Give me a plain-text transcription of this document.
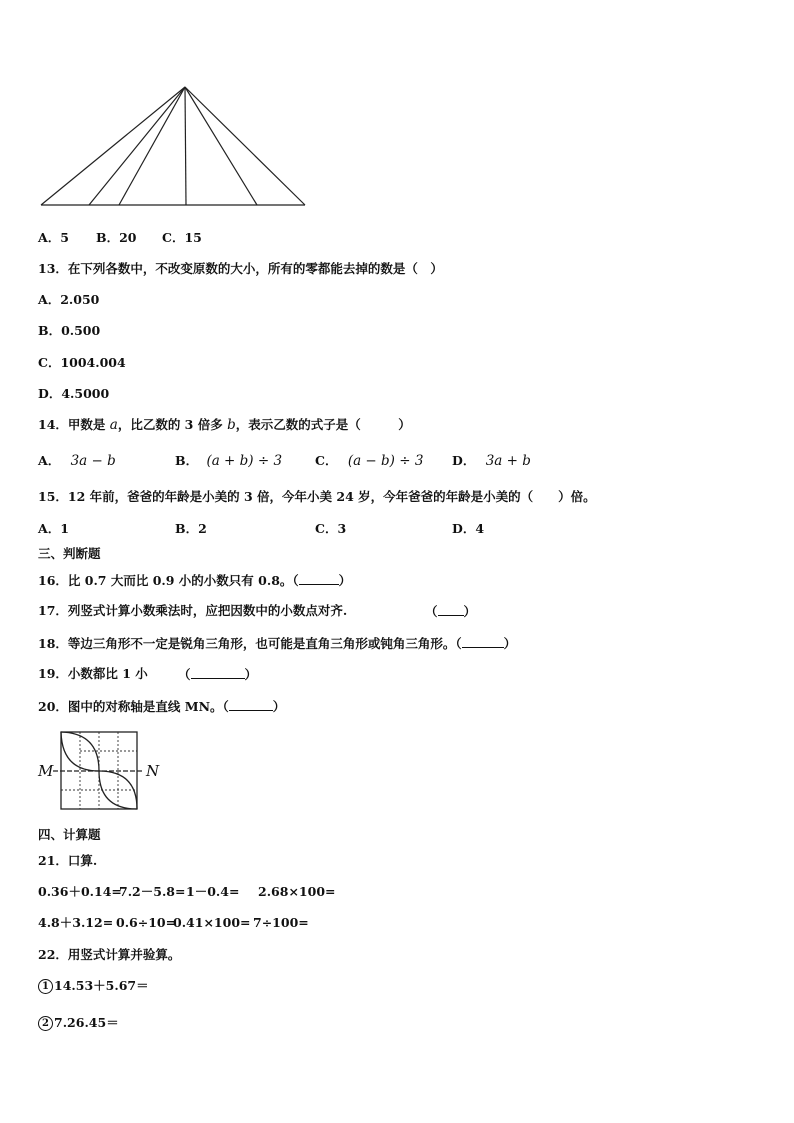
A．5 B．20 C．15
13．在下列各数中，不改变原数的大小，所有的零都能去掉的数是（　）
A．2.050
B．0.500
C．1004.004
D．4.5000
14．甲数是 a，比乙数的 3 倍多 b，表示乙数的式子是（　　　）
A． 3a − b	B． (a + b) ÷ 3	C． (a − b) ÷ 3 D． 3a + b
15．12 年前，爸爸的年龄是小美的 3 倍，今年小美 24 岁，今年爸爸的年龄是小美的（　　）倍。
A．1	B．2	C．3	D．4
三、判断题
16．比 0.7 大而比 0.9 小的小数只有 0.8。（	）
17．列竖式计算小数乘法时，应把因数中的小数点对齐.	（ ）
18．等边三角形不一定是锐角三角形，也可能是直角三角形或钝角三角形。（	）
19．小数都比 1 小 （	）
20．图中的对称轴是直线 MN。（	）
M	N
四、计算题
21．口算.
0.36＋0.14=
7.2－5.8= 1－0.4= 2.68×100=
4.8＋3.12= 0.6÷10=
0.41×100= 7÷100=
22．用竖式计算并验算。
1 14.53＋5.67＝
2 7.26.45＝
